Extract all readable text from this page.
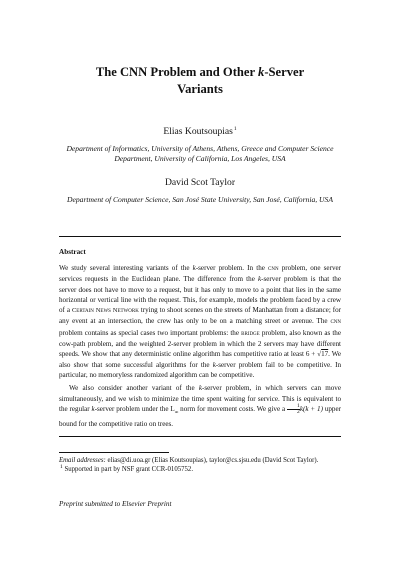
The CNN Problem and Other k-Server
Variants
Elias Koutsoupias$^1$
Department of Informatics, University of Athens, Athens, Greece and Computer Science Department, University of California, Los Angeles, USA
David Scot Taylor
Department of Computer Science, San José State University, San José, California, USA
Abstract

We study several interesting variants of the k-server problem. In the cnn problem, one server services requests in the Euclidean plane. The difference from the k-server problem is that the server does not have to move to a request, but it has only to move to a point that lies in the same horizontal or vertical line with the request. This, for example, models the problem faced by a crew of a Certain News Network trying to shoot scenes on the streets of Manhattan from a distance; for any event at an intersection, the crew has only to be on a matching street or avenue. The cnn problem contains as special cases two important problems: the bridge problem, also known as the cow-path problem, and the weighted 2-server problem in which the 2 servers may have different speeds. We show that any deterministic online algorithm has competitive ratio at least 6 + √17. We also show that some successful algorithms for the k-server problem fail to be competitive. In particular, no memoryless randomized algorithm can be competitive.

We also consider another variant of the k-server problem, in which servers can move simultaneously, and we wish to minimize the time spent waiting for service. This is equivalent to the regular k-server problem under the $L_\infty$ norm for movement costs. We give a $\frac{1}{2} k(k + 1)$ upper bound for the competitive ratio on trees.

Email addresses: elias@di.uoa.gr (Elias Koutsoupias), taylor@cs.sjsu.edu (David Scot Taylor).

$^1$ Supported in part by NSF grant CCR-0105752.

Preprint submitted to Elsevier Preprint
